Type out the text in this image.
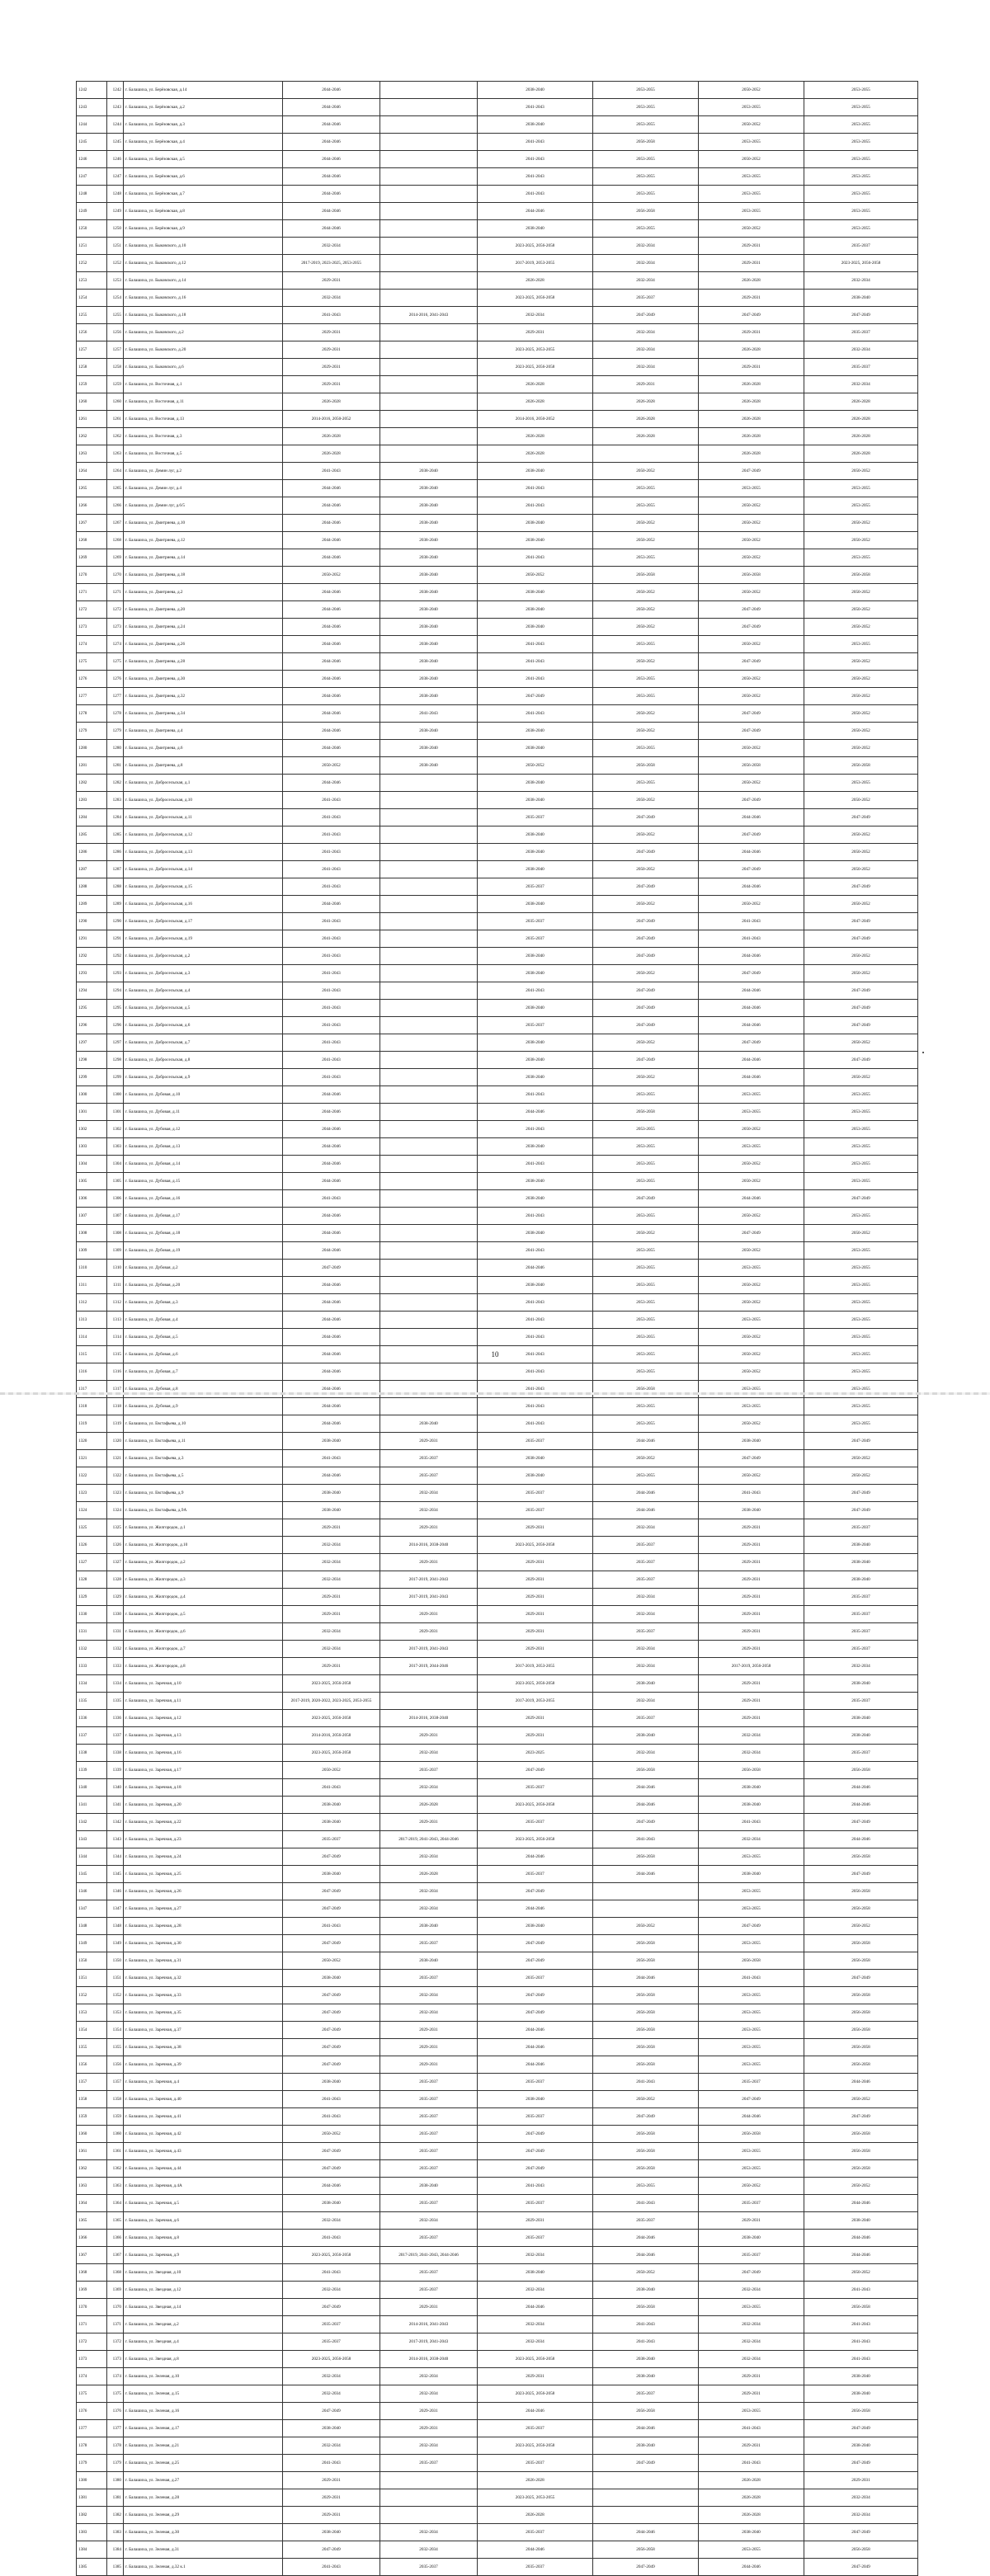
1242	1242	г. Балашиха, ул. Берёзовская, д.14	2044-2046		2038-2040	2053-2055	2050-2052	2053-2055
1243	1243	г. Балашиха, ул. Берёзовская, д.2	2044-2046		2041-2043	2053-2055	2053-2055	2053-2055
1244	1244	г. Балашиха, ул. Берёзовская, д.3	2044-2046		2038-2040	2053-2055	2050-2052	2053-2055
1245	1245	г. Балашиха, ул. Берёзовская, д.4	2044-2046		2041-2043	2056-2058	2053-2055	2053-2055
1246	1246	г. Балашиха, ул. Берёзовская, д.5	2044-2046		2041-2043	2053-2055	2050-2052	2053-2055
1247	1247	г. Балашиха, ул. Берёзовская, д.6	2044-2046		2041-2043	2053-2055	2053-2055	2053-2055
1248	1248	г. Балашиха, ул. Берёзовская, д.7	2044-2046		2041-2043	2053-2055	2053-2055	2053-2055
1249	1249	г. Балашиха, ул. Берёзовская, д.8	2044-2046		2044-2046	2056-2058	2053-2055	2053-2055
1250	1250	г. Балашиха, ул. Берёзовская, д.9	2044-2046		2038-2040	2053-2055	2050-2052	2053-2055
1251	1251	г. Балашиха, ул. Быковского, д.10	2032-2034		2023-2025, 2056-2058	2032-2034	2029-2031	2035-2037
1252	1252	г. Балашиха, ул. Быковского, д.12	2017-2019, 2023-2025, 2053-2055		2017-2019, 2053-2055	2032-2034	2029-2031	2023-2025, 2056-2058
1253	1253	г. Балашиха, ул. Быковского, д.14	2029-2031		2026-2028	2032-2034	2026-2028	2032-2034
1254	1254	г. Балашиха, ул. Быковского, д.16	2032-2034		2023-2025, 2056-2058	2035-2037	2029-2031	2038-2040
1255	1255	г. Балашиха, ул. Быковского, д.18	2041-2043	2014-2016, 2041-2043	2032-2034	2047-2049	2047-2049	2047-2049
1256	1256	г. Балашиха, ул. Быковского, д.2	2029-2031		2029-2031	2032-2034	2029-2031	2035-2037
1257	1257	г. Балашиха, ул. Быковского, д.20	2029-2031		2023-2025, 2053-2055	2032-2034	2026-2028	2032-2034
1258	1258	г. Балашиха, ул. Быковского, д.6	2029-2031		2023-2025, 2056-2058	2032-2034	2029-2031	2035-2037
1259	1259	г. Балашиха, ул. Восточная, д.1	2029-2031		2026-2028	2029-2031	2026-2028	2032-2034
1260	1260	г. Балашиха, ул. Восточная, д.11	2026-2028		2026-2028	2026-2028	2026-2028	2026-2028
1261	1261	г. Балашиха, ул. Восточная, д.13	2014-2016, 2050-2052		2014-2016, 2050-2052	2026-2028	2026-2028	2026-2028
1262	1262	г. Балашиха, ул. Восточная, д.3	2026-2028		2026-2028	2026-2028	2026-2028	2026-2028
1263	1263	г. Балашиха, ул. Восточная, д.5	2026-2028		2026-2028		2026-2028	2026-2028
1264	1264	г. Балашиха, ул. Демин луг, д.2	2041-2043	2038-2040	2038-2040	2050-2052	2047-2049	2050-2052
1265	1265	г. Балашиха, ул. Демин луг, д.4	2044-2046	2038-2040	2041-2043	2053-2055	2053-2055	2053-2055
1266	1266	г. Балашиха, ул. Демин луг, д.6/5	2044-2046	2038-2040	2041-2043	2053-2055	2050-2052	2053-2055
1267	1267	г. Балашиха, ул. Дмитриева, д.10	2044-2046	2038-2040	2038-2040	2050-2052	2050-2052	2050-2052
1268	1268	г. Балашиха, ул. Дмитриева, д.12	2044-2046	2038-2040	2038-2040	2050-2052	2050-2052	2050-2052
1269	1269	г. Балашиха, ул. Дмитриева, д.14	2044-2046	2038-2040	2041-2043	2053-2055	2050-2052	2053-2055
1270	1270	г. Балашиха, ул. Дмитриева, д.18	2050-2052	2038-2040	2050-2052	2056-2058	2056-2058	2056-2058
1271	1271	г. Балашиха, ул. Дмитриева, д.2	2044-2046	2038-2040	2038-2040	2050-2052	2050-2052	2050-2052
1272	1272	г. Балашиха, ул. Дмитриева, д.20	2044-2046	2038-2040	2038-2040	2050-2052	2047-2049	2050-2052
1273	1273	г. Балашиха, ул. Дмитриева, д.24	2044-2046	2038-2040	2038-2040	2050-2052	2047-2049	2050-2052
1274	1274	г. Балашиха, ул. Дмитриева, д.26	2044-2046	2038-2040	2041-2043	2053-2055	2050-2052	2053-2055
1275	1275	г. Балашиха, ул. Дмитриева, д.28	2044-2046	2038-2040	2041-2043	2050-2052	2047-2049	2050-2052
1276	1276	г. Балашиха, ул. Дмитриева, д.30	2044-2046	2038-2040	2041-2043	2053-2055	2050-2052	2050-2052
1277	1277	г. Балашиха, ул. Дмитриева, д.32	2044-2046	2038-2040	2047-2049	2053-2055	2050-2052	2050-2052
1278	1278	г. Балашиха, ул. Дмитриева, д.34	2044-2046	2041-2043	2041-2043	2050-2052	2047-2049	2050-2052
1279	1279	г. Балашиха, ул. Дмитриева, д.4	2044-2046	2038-2040	2038-2040	2050-2052	2047-2049	2050-2052
1280	1280	г. Балашиха, ул. Дмитриева, д.6	2044-2046	2038-2040	2038-2040	2053-2055	2050-2052	2050-2052
1281	1281	г. Балашиха, ул. Дмитриева, д.8	2050-2052	2038-2040	2050-2052	2056-2058	2056-2058	2056-2058
1282	1282	г. Балашиха, ул. Добросельская, д.1	2044-2046		2038-2040	2053-2055	2050-2052	2053-2055
1283	1283	г. Балашиха, ул. Добросельская, д.10	2041-2043		2038-2040	2050-2052	2047-2049	2050-2052
1284	1284	г. Балашиха, ул. Добросельская, д.11	2041-2043		2035-2037	2047-2049	2044-2046	2047-2049
1285	1285	г. Балашиха, ул. Добросельская, д.12	2041-2043		2038-2040	2050-2052	2047-2049	2050-2052
1286	1286	г. Балашиха, ул. Добросельская, д.13	2041-2043		2038-2040	2047-2049	2044-2046	2050-2052
1287	1287	г. Балашиха, ул. Добросельская, д.14	2041-2043		2038-2040	2050-2052	2047-2049	2050-2052
1288	1288	г. Балашиха, ул. Добросельская, д.15	2041-2043		2035-2037	2047-2049	2044-2046	2047-2049
1289	1289	г. Балашиха, ул. Добросельская, д.16	2044-2046		2038-2040	2050-2052	2050-2052	2050-2052
1290	1290	г. Балашиха, ул. Добросельская, д.17	2041-2043		2035-2037	2047-2049	2041-2043	2047-2049
1291	1291	г. Балашиха, ул. Добросельская, д.19	2041-2043		2035-2037	2047-2049	2041-2043	2047-2049
1292	1292	г. Балашиха, ул. Добросельская, д.2	2041-2043		2038-2040	2047-2049	2044-2046	2050-2052
1293	1293	г. Балашиха, ул. Добросельская, д.3	2041-2043		2038-2040	2050-2052	2047-2049	2050-2052
1294	1294	г. Балашиха, ул. Добросельская, д.4	2041-2043		2041-2043	2047-2049	2044-2046	2047-2049
1295	1295	г. Балашиха, ул. Добросельская, д.5	2041-2043		2038-2040	2047-2049	2044-2046	2047-2049
1296	1296	г. Балашиха, ул. Добросельская, д.6	2041-2043		2035-2037	2047-2049	2044-2046	2047-2049
1297	1297	г. Балашиха, ул. Добросельская, д.7	2041-2043		2038-2040	2050-2052	2047-2049	2050-2052
1298	1298	г. Балашиха, ул. Добросельская, д.8	2041-2043		2038-2040	2047-2049	2044-2046	2047-2049
1299	1299	г. Балашиха, ул. Добросельская, д.9	2041-2043		2038-2040	2050-2052	2044-2046	2050-2052
1300	1300	г. Балашиха, ул. Дубовая, д.10	2044-2046		2041-2043	2053-2055	2053-2055	2053-2055
1301	1301	г. Балашиха, ул. Дубовая, д.11	2044-2046		2044-2046	2056-2058	2053-2055	2053-2055
1302	1302	г. Балашиха, ул. Дубовая, д.12	2044-2046		2041-2043	2053-2055	2050-2052	2053-2055
1303	1303	г. Балашиха, ул. Дубовая, д.13	2044-2046		2038-2040	2053-2055	2053-2055	2053-2055
1304	1304	г. Балашиха, ул. Дубовая, д.14	2044-2046		2041-2043	2053-2055	2050-2052	2053-2055
1305	1305	г. Балашиха, ул. Дубовая, д.15	2044-2046		2038-2040	2053-2055	2050-2052	2053-2055
1306	1306	г. Балашиха, ул. Дубовая, д.16	2041-2043		2038-2040	2047-2049	2044-2046	2047-2049
1307	1307	г. Балашиха, ул. Дубовая, д.17	2044-2046		2041-2043	2053-2055	2050-2052	2053-2055
1308	1308	г. Балашиха, ул. Дубовая, д.18	2044-2046		2038-2040	2050-2052	2047-2049	2050-2052
1309	1309	г. Балашиха, ул. Дубовая, д.19	2044-2046		2041-2043	2053-2055	2050-2052	2053-2055
1310	1310	г. Балашиха, ул. Дубовая, д.2	2047-2049		2044-2046	2053-2055	2053-2055	2053-2055
1311	1311	г. Балашиха, ул. Дубовая, д.20	2044-2046		2038-2040	2053-2055	2050-2052	2053-2055
1312	1312	г. Балашиха, ул. Дубовая, д.3	2044-2046		2041-2043	2053-2055	2050-2052	2053-2055
1313	1313	г. Балашиха, ул. Дубовая, д.4	2044-2046		2041-2043	2053-2055	2053-2055	2053-2055
1314	1314	г. Балашиха, ул. Дубовая, д.5	2044-2046		2041-2043	2053-2055	2050-2052	2053-2055
1315	1315	г. Балашиха, ул. Дубовая, д.6	2044-2046		2041-2043	2053-2055	2050-2052	2053-2055
1316	1316	г. Балашиха, ул. Дубовая, д.7	2044-2046		2041-2043	2053-2055	2050-2052	2053-2055
1317	1317	г. Балашиха, ул. Дубовая, д.8	2044-2046		2041-2043	2056-2058	2053-2055	2053-2055
1318	1318	г. Балашиха, ул. Дубовая, д.9	2044-2046		2041-2043	2053-2055	2053-2055	2053-2055
1319	1319	г. Балашиха, ул. Евстафьева, д.10	2044-2046	2038-2040	2041-2043	2053-2055	2050-2052	2053-2055
1320	1320	г. Балашиха, ул. Евстафьева, д.11	2038-2040	2029-2031	2035-2037	2044-2046	2038-2040	2047-2049
1321	1321	г. Балашиха, ул. Евстафьева, д.3	2041-2043	2035-2037	2038-2040	2050-2052	2047-2049	2050-2052
1322	1322	г. Балашиха, ул. Евстафьева, д.5	2044-2046	2035-2037	2038-2040	2053-2055	2050-2052	2050-2052
1323	1323	г. Балашиха, ул. Евстафьева, д.9	2038-2040	2032-2034	2035-2037	2044-2046	2041-2043	2047-2049
1324	1324	г. Балашиха, ул. Евстафьева, д.9А	2038-2040	2032-2034	2035-2037	2044-2046	2038-2040	2047-2049
1325	1325	г. Балашиха, ул. Жилгородок, д.1	2029-2031	2029-2031	2029-2031	2032-2034	2029-2031	2035-2037
1326	1326	г. Балашиха, ул. Жилгородок, д.10	2032-2034	2014-2016, 2038-2040	2023-2025, 2056-2058	2035-2037	2029-2031	2038-2040
1327	1327	г. Балашиха, ул. Жилгородок, д.2	2032-2034	2029-2031	2029-2031	2035-2037	2029-2031	2038-2040
1328	1328	г. Балашиха, ул. Жилгородок, д.3	2032-2034	2017-2019, 2041-2043	2029-2031	2035-2037	2029-2031	2038-2040
1329	1329	г. Балашиха, ул. Жилгородок, д.4	2029-2031	2017-2019, 2041-2043	2029-2031	2032-2034	2029-2031	2035-2037
1330	1330	г. Балашиха, ул. Жилгородок, д.5	2029-2031	2029-2031	2029-2031	2032-2034	2029-2031	2035-2037
1331	1331	г. Балашиха, ул. Жилгородок, д.6	2032-2034	2029-2031	2029-2031	2035-2037	2029-2031	2035-2037
1332	1332	г. Балашиха, ул. Жилгородок, д.7	2032-2034	2017-2019, 2041-2043	2029-2031	2032-2034	2029-2031	2035-2037
1333	1333	г. Балашиха, ул. Жилгородок, д.8	2029-2031	2017-2019, 2044-2046	2017-2019, 2053-2055	2032-2034	2017-2019, 2056-2058	2032-2034
1334	1334	г. Балашиха, ул. Заречная, д.10	2023-2025, 2056-2058		2023-2025, 2056-2058	2038-2040	2029-2031	2038-2040
1335	1335	г. Балашиха, ул. Заречная, д.11	2017-2019, 2020-2022, 2023-2025, 2053-2055		2017-2019, 2053-2055	2032-2034	2029-2031	2035-2037
1336	1336	г. Балашиха, ул. Заречная, д.12	2023-2025, 2056-2058	2014-2016, 2038-2040	2029-2031	2035-2037	2029-2031	2038-2040
1337	1337	г. Балашиха, ул. Заречная, д.13	2014-2016, 2056-2058	2029-2031	2029-2031	2038-2040	2032-2034	2038-2040
1338	1338	г. Балашиха, ул. Заречная, д.16	2023-2025, 2056-2058	2032-2034	2023-2025	2032-2034	2032-2034	2035-2037
1339	1339	г. Балашиха, ул. Заречная, д.17	2050-2052	2035-2037	2047-2049	2056-2058	2056-2058	2056-2058
1340	1340	г. Балашиха, ул. Заречная, д.18	2041-2043	2032-2034	2035-2037	2044-2046	2038-2040	2044-2046
1341	1341	г. Балашиха, ул. Заречная, д.20	2038-2040	2026-2028	2023-2025, 2056-2058	2044-2046	2038-2040	2044-2046
1342	1342	г. Балашиха, ул. Заречная, д.22	2038-2040	2029-2031	2035-2037	2047-2049	2041-2043	2047-2049
1343	1343	г. Балашиха, ул. Заречная, д.23	2035-2037	2017-2019, 2041-2043, 2044-2046	2023-2025, 2056-2058	2041-2043	2032-2034	2044-2046
1344	1344	г. Балашиха, ул. Заречная, д.24	2047-2049	2032-2034	2044-2046	2056-2058	2053-2055	2056-2058
1345	1345	г. Балашиха, ул. Заречная, д.25	2038-2040	2026-2028	2035-2037	2044-2046	2038-2040	2047-2049
1346	1346	г. Балашиха, ул. Заречная, д.26	2047-2049	2032-2034	2047-2049		2053-2055	2056-2058
1347	1347	г. Балашиха, ул. Заречная, д.27	2047-2049	2032-2034	2044-2046		2053-2055	2056-2058
1348	1348	г. Балашиха, ул. Заречная, д.28	2041-2043	2038-2040	2038-2040	2050-2052	2047-2049	2050-2052
1349	1349	г. Балашиха, ул. Заречная, д.30	2047-2049	2035-2037	2047-2049	2056-2058	2053-2055	2056-2058
1350	1350	г. Балашиха, ул. Заречная, д.31	2050-2052	2038-2040	2047-2049	2056-2058	2056-2058	2056-2058
1351	1351	г. Балашиха, ул. Заречная, д.32	2038-2040	2035-2037	2035-2037	2044-2046	2041-2043	2047-2049
1352	1352	г. Балашиха, ул. Заречная, д.33	2047-2049	2032-2034	2047-2049	2056-2058	2053-2055	2056-2058
1353	1353	г. Балашиха, ул. Заречная, д.35	2047-2049	2032-2034	2047-2049	2056-2058	2053-2055	2056-2058
1354	1354	г. Балашиха, ул. Заречная, д.37	2047-2049	2029-2031	2044-2046	2056-2058	2053-2055	2056-2058
1355	1355	г. Балашиха, ул. Заречная, д.38	2047-2049	2029-2031	2044-2046	2056-2058	2053-2055	2056-2058
1356	1356	г. Балашиха, ул. Заречная, д.39	2047-2049	2029-2031	2044-2046	2056-2058	2053-2055	2056-2058
1357	1357	г. Балашиха, ул. Заречная, д.4	2038-2040	2035-2037	2035-2037	2041-2043	2035-2037	2044-2046
1358	1358	г. Балашиха, ул. Заречная, д.40	2041-2043	2035-2037	2038-2040	2050-2052	2047-2049	2050-2052
1359	1359	г. Балашиха, ул. Заречная, д.41	2041-2043	2035-2037	2035-2037	2047-2049	2044-2046	2047-2049
1360	1360	г. Балашиха, ул. Заречная, д.42	2050-2052	2035-2037	2047-2049	2056-2058	2056-2058	2056-2058
1361	1361	г. Балашиха, ул. Заречная, д.43	2047-2049	2035-2037	2047-2049	2056-2058	2053-2055	2056-2058
1362	1362	г. Балашиха, ул. Заречная, д.44	2047-2049	2035-2037	2047-2049	2056-2058	2053-2055	2056-2058
1363	1363	г. Балашиха, ул. Заречная, д.4А	2044-2046	2038-2040	2041-2043	2053-2055	2050-2052	2050-2052
1364	1364	г. Балашиха, ул. Заречная, д.5	2038-2040	2035-2037	2035-2037	2041-2043	2035-2037	2044-2046
1365	1365	г. Балашиха, ул. Заречная, д.6	2032-2034	2032-2034	2029-2031	2035-2037	2029-2031	2038-2040
1366	1366	г. Балашиха, ул. Заречная, д.8	2041-2043	2035-2037	2035-2037	2044-2046	2038-2040	2044-2046
1367	1367	г. Балашиха, ул. Заречная, д.9	2023-2025, 2056-2058	2017-2019, 2041-2043, 2044-2046	2032-2034	2044-2046	2035-2037	2044-2046
1368	1368	г. Балашиха, ул. Звездная, д.10	2041-2043	2035-2037	2038-2040	2050-2052	2047-2049	2050-2052
1369	1369	г. Балашиха, ул. Звездная, д.12	2032-2034	2035-2037	2032-2034	2038-2040	2032-2034	2041-2043
1370	1370	г. Балашиха, ул. Звездная, д.14	2047-2049	2029-2031	2044-2046	2056-2058	2053-2055	2056-2058
1371	1371	г. Балашиха, ул. Звездная, д.2	2035-2037	2014-2016, 2041-2043	2032-2034	2041-2043	2032-2034	2041-2043
1372	1372	г. Балашиха, ул. Звездная, д.4	2035-2037	2017-2019, 2041-2043	2032-2034	2041-2043	2032-2034	2041-2043
1373	1373	г. Балашиха, ул. Звездная, д.8	2023-2025, 2056-2058	2014-2016, 2038-2040	2023-2025, 2056-2058	2038-2040	2032-2034	2041-2043
1374	1374	г. Балашиха, ул. Зеленая, д.10	2032-2034	2032-2034	2029-2031	2038-2040	2029-2031	2038-2040
1375	1375	г. Балашиха, ул. Зеленая, д.15	2032-2034	2032-2034	2023-2025, 2056-2058	2035-2037	2029-2031	2038-2040
1376	1376	г. Балашиха, ул. Зеленая, д.16	2047-2049	2029-2031	2044-2046	2056-2058	2053-2055	2056-2058
1377	1377	г. Балашиха, ул. Зеленая, д.17	2038-2040	2029-2031	2035-2037	2044-2046	2041-2043	2047-2049
1378	1378	г. Балашиха, ул. Зеленая, д.21	2032-2034	2032-2034	2023-2025, 2056-2058	2038-2040	2029-2031	2038-2040
1379	1379	г. Балашиха, ул. Зеленая, д.25	2041-2043	2035-2037	2035-2037	2047-2049	2041-2043	2047-2049
1380	1380	г. Балашиха, ул. Зеленая, д.27	2029-2031		2026-2028		2026-2028	2029-2031
1381	1381	г. Балашиха, ул. Зеленая, д.28	2029-2031		2023-2025, 2053-2055		2026-2028	2032-2034
1382	1382	г. Балашиха, ул. Зеленая, д.29	2029-2031		2026-2028		2026-2028	2032-2034
1383	1383	г. Балашиха, ул. Зеленая, д.30	2038-2040	2032-2034	2035-2037	2044-2046	2038-2040	2047-2049
1384	1384	г. Балашиха, ул. Зеленая, д.31	2047-2049	2032-2034	2044-2046	2056-2058	2053-2055	2056-2058
1385	1385	г. Балашиха, ул. Зеленая, д.32 к.1	2041-2043	2035-2037	2035-2037	2047-2049	2044-2046	2047-2049
10
